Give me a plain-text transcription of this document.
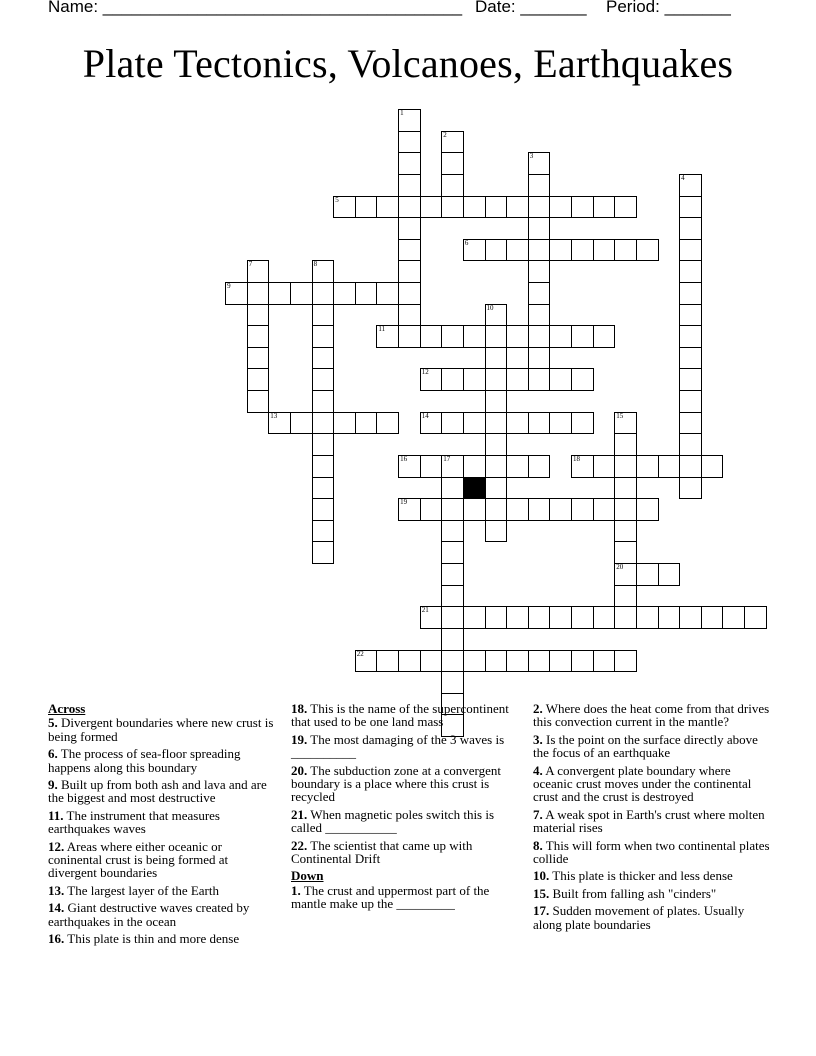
Name: ______________________________________ Date: _______ Period: _______
Plate Tectonics, Volcanoes, Earthquakes
1
2
3
4
5
6
7	8
9
10
11
12
13	14	15
20
16	17	18
19
21
22
Across
5. Divergent boundaries where new crust is being formed
6. The process of sea-floor spreading happens along this boundary
9. Built up from both ash and lava and are the biggest and most destructive
11. The instrument that measures earthquakes waves
12. Areas where either oceanic or coninental crust is being formed at divergent boundaries
13. The largest layer of the Earth
14. Giant destructive waves created by earthquakes in the ocean
16. This plate is thin and more dense
18. This is the name of the supercontinent that used to be one land mass
19. The most damaging of the 3 waves is __________
20. The subduction zone at a convergent boundary is a place where this crust is recycled
21. When magnetic poles switch this is called ___________
22. The scientist that came up with Continental Drift
Down
1. The crust and uppermost part of the mantle make up the _________
2. Where does the heat come from that drives this convection current in the mantle?
3. Is the point on the surface directly above the focus of an earthquake
4. A convergent plate boundary where oceanic crust moves under the continental crust and the crust is destroyed
7. A weak spot in Earth's crust where molten material rises
8. This will form when two continental plates collide
10. This plate is thicker and less dense
15. Built from falling ash "cinders"
17. Sudden movement of plates. Usually along plate boundaries
